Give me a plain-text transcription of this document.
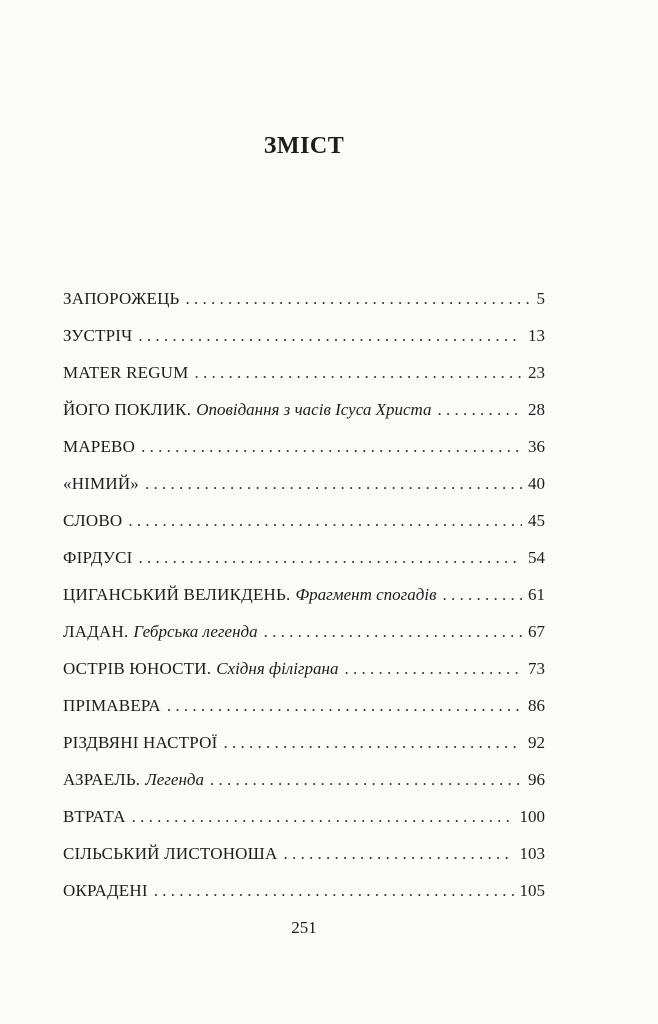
ЗМІСТ
ЗАПОРОЖЕЦЬ . . .	5
ЗУСТРІЧ . . .	13
MATER REGUM . . .	23
ЙОГО ПОКЛИК. Оповідання з часів Ісуса Христа . . .	28
МАРЕВО . . .	36
«НІМИЙ» . . .	40
СЛОВО . . .	45
ФІРДУСІ . . .	54
ЦИГАНСЬКИЙ ВЕЛИКДЕНЬ. Фрагмент спогадів . . .	61
ЛАДАН. Гебрська легенда . . .	67
ОСТРІВ ЮНОСТИ. Східня філіграна . . .	73
ПРІМАВЕРА . . .	86
РІЗДВЯНІ НАСТРОЇ . . .	92
АЗРАЕЛЬ. Легенда . . .	96
ВТРАТА . . .	100
СІЛЬСЬКИЙ ЛИСТОНОША . . .	103
ОКРАДЕНІ . . .	105
251
